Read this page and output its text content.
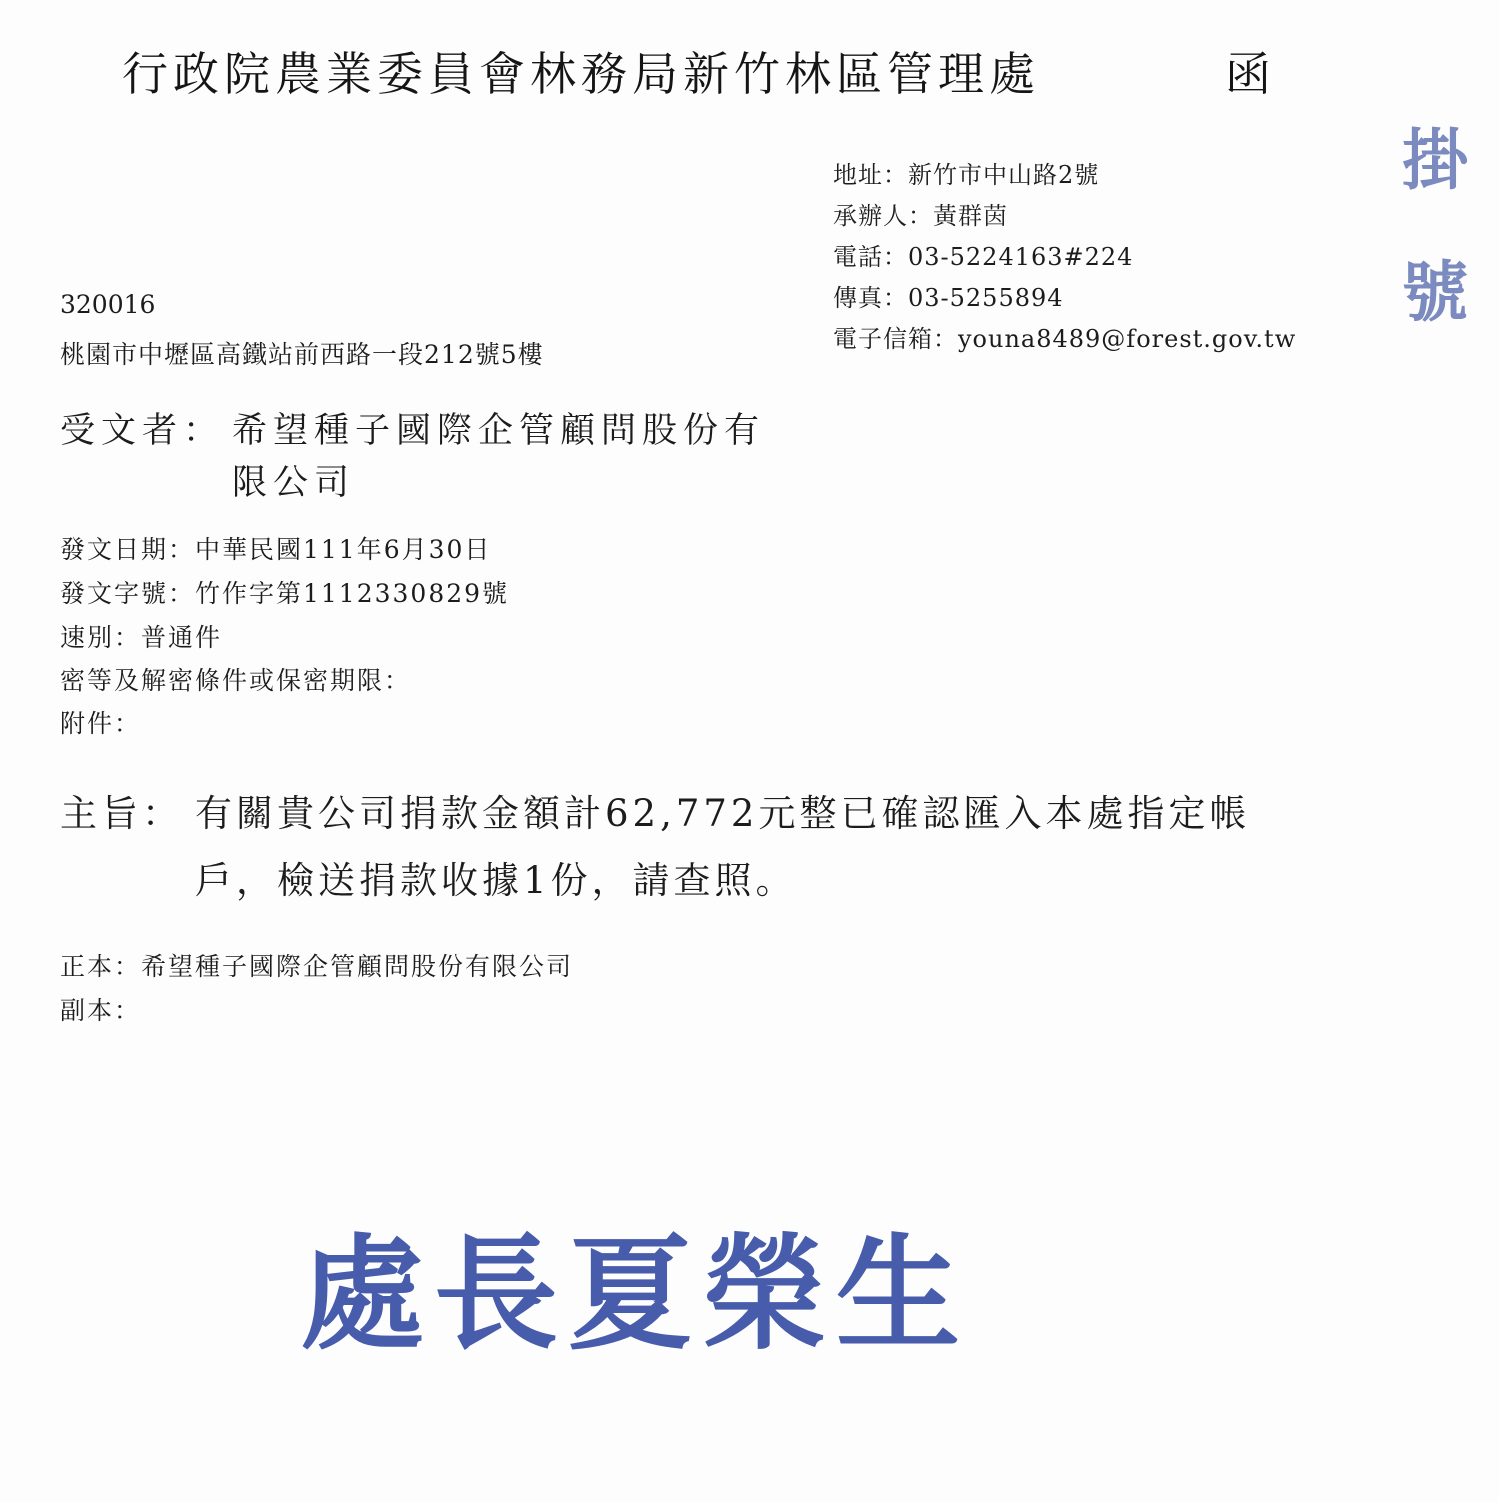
行政院農業委員會林務局新竹林區管理處	函
掛
號
地址：新竹市中山路2號
承辦人：黃群茵
電話：03-5224163#224
傳真：03-5255894
電子信箱：youna8489@forest.gov.tw
320016
桃園市中壢區高鐵站前西路一段212號5樓
受文者： 希望種子國際企管顧問股份有
限公司
發文日期：中華民國111年6月30日
發文字號：竹作字第1112330829號
速別：普通件
密等及解密條件或保密期限：
附件：
主旨： 有關貴公司捐款金額計62,772元整已確認匯入本處指定帳
戶，檢送捐款收據1份，請查照。
正本：希望種子國際企管顧問股份有限公司
副本：
處長夏榮生
